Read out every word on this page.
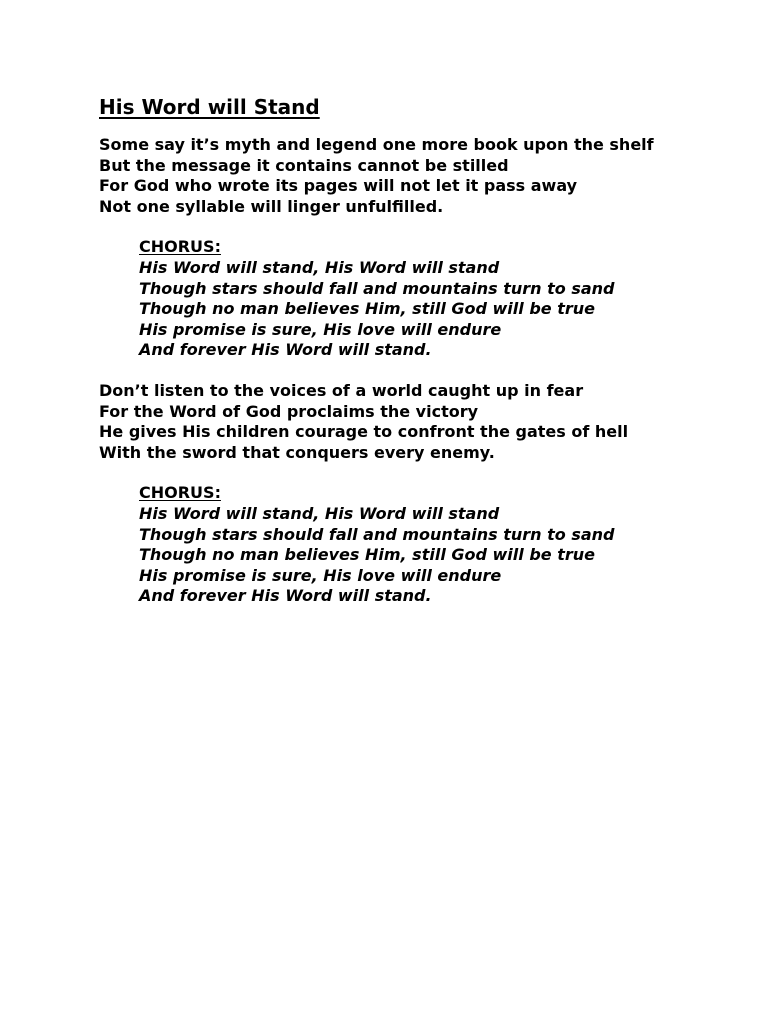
His Word will Stand
Some say it’s myth and legend one more book upon the shelf
But the message it contains cannot be stilled
For God who wrote its pages will not let it pass away
Not one syllable will linger unfulfilled.
CHORUS:
His Word will stand, His Word will stand
Though stars should fall and mountains turn to sand
Though no man believes Him, still God will be true
His promise is sure, His love will endure
And forever His Word will stand.
Don’t listen to the voices of a world caught up in fear
For the Word of God proclaims the victory
He gives His children courage to confront the gates of hell
With the sword that conquers every enemy.
CHORUS:
His Word will stand, His Word will stand
Though stars should fall and mountains turn to sand
Though no man believes Him, still God will be true
His promise is sure, His love will endure
And forever His Word will stand.
